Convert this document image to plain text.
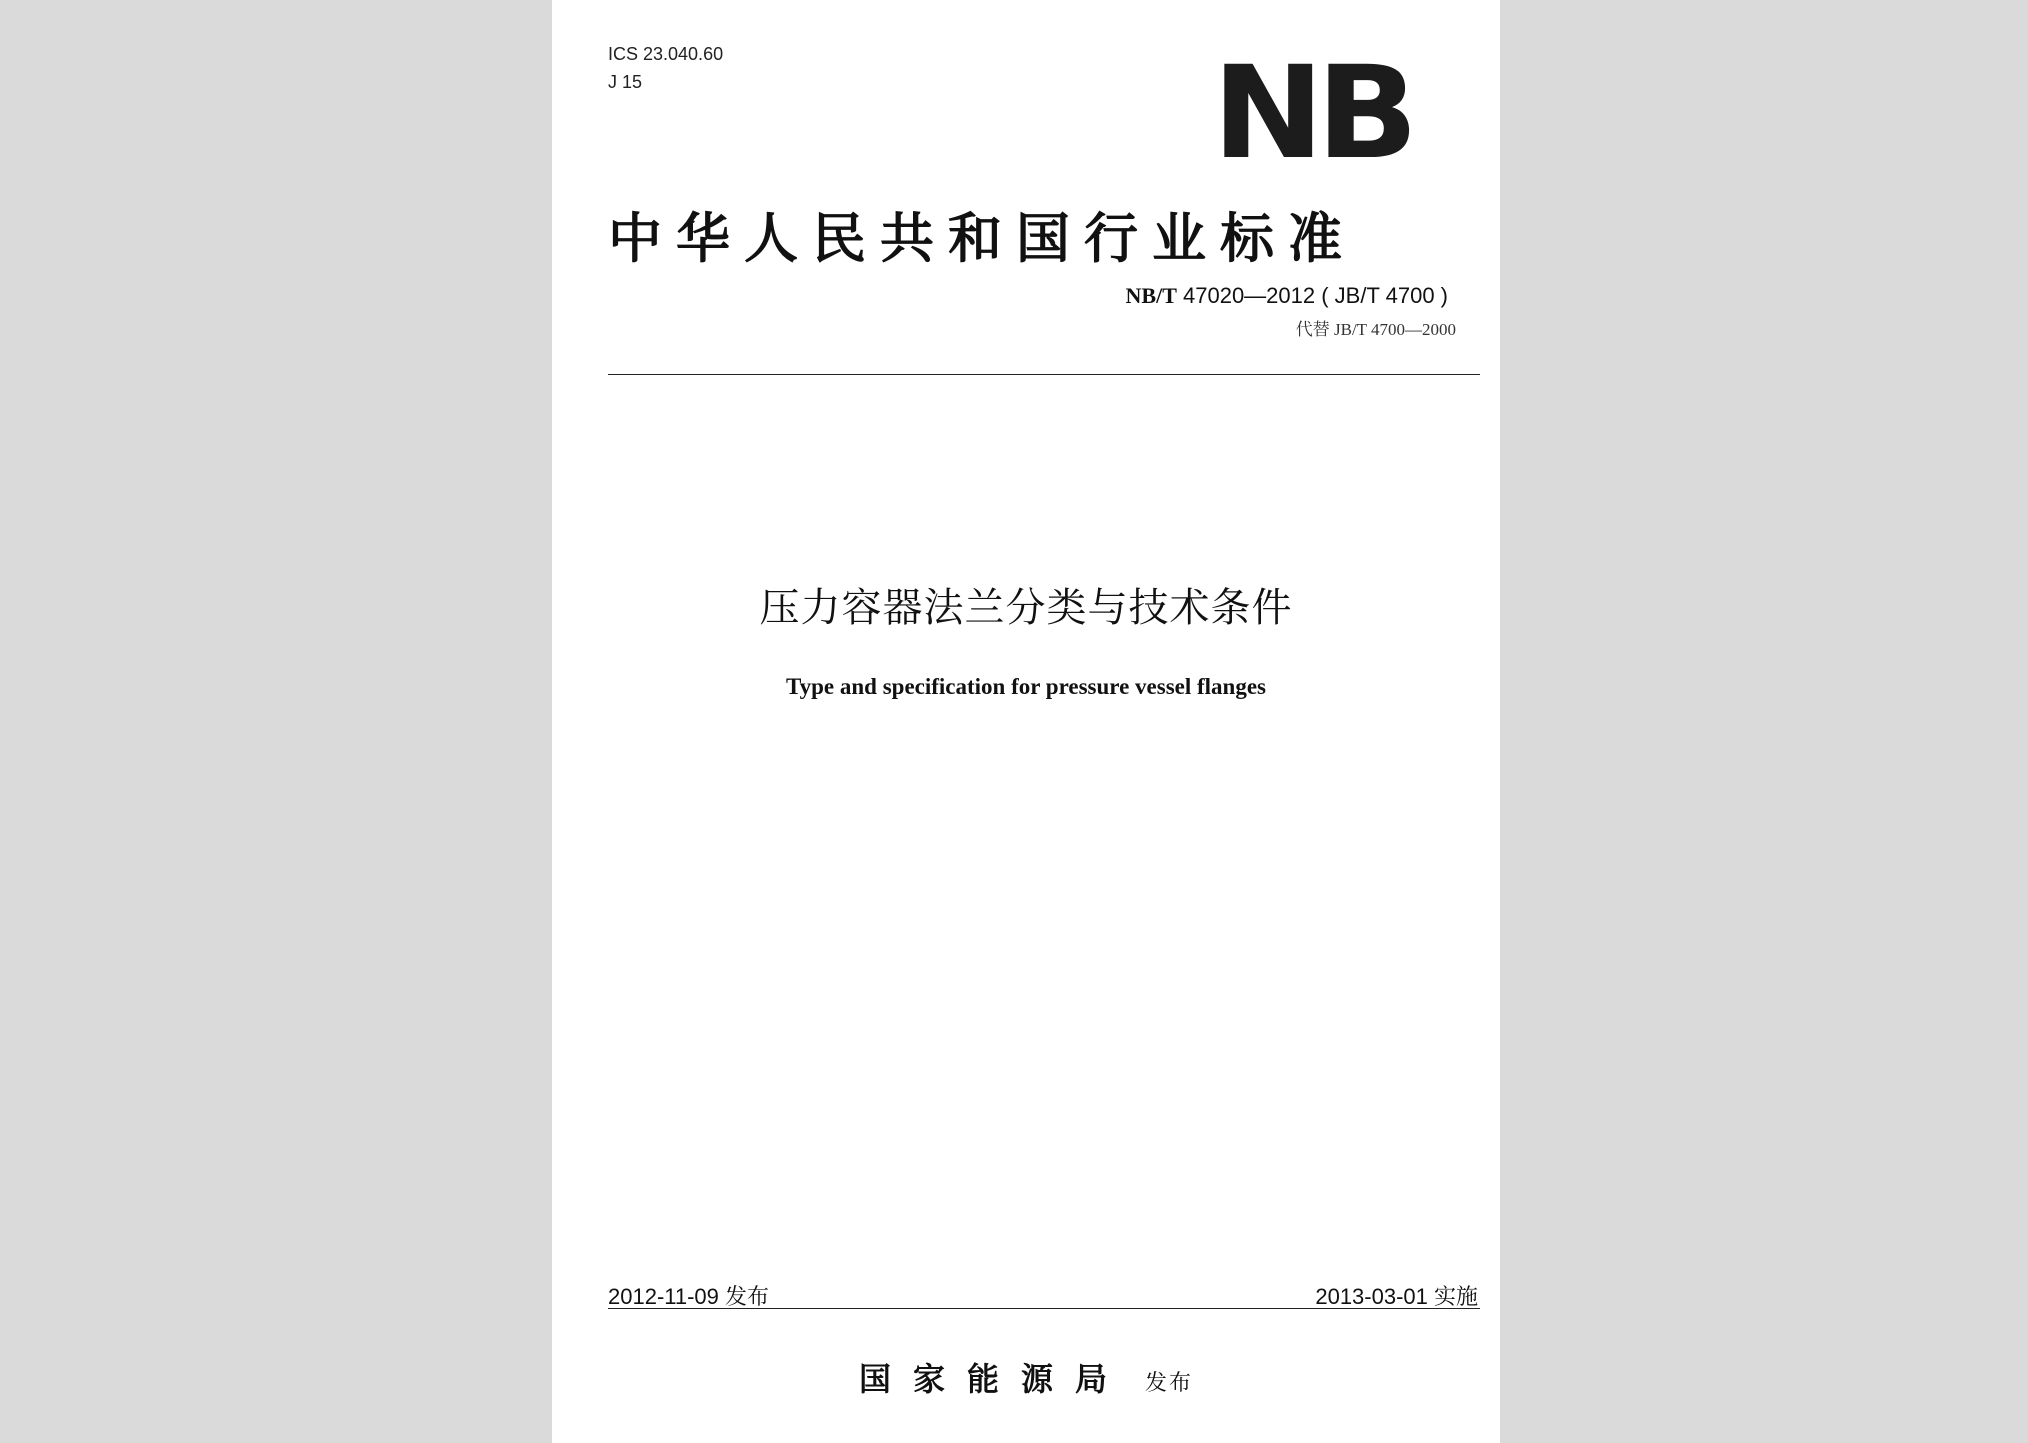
ICS 23.040.60
J 15	NB
中华人民共和国行业标准
NB/T 47020—2012 ( JB/T 4700 )
代替 JB/T 4700—2000
压力容器法兰分类与技术条件
Type and specification for pressure vessel flanges
2012-11-09 发布	2013-03-01 实施
国家能源局 发布
